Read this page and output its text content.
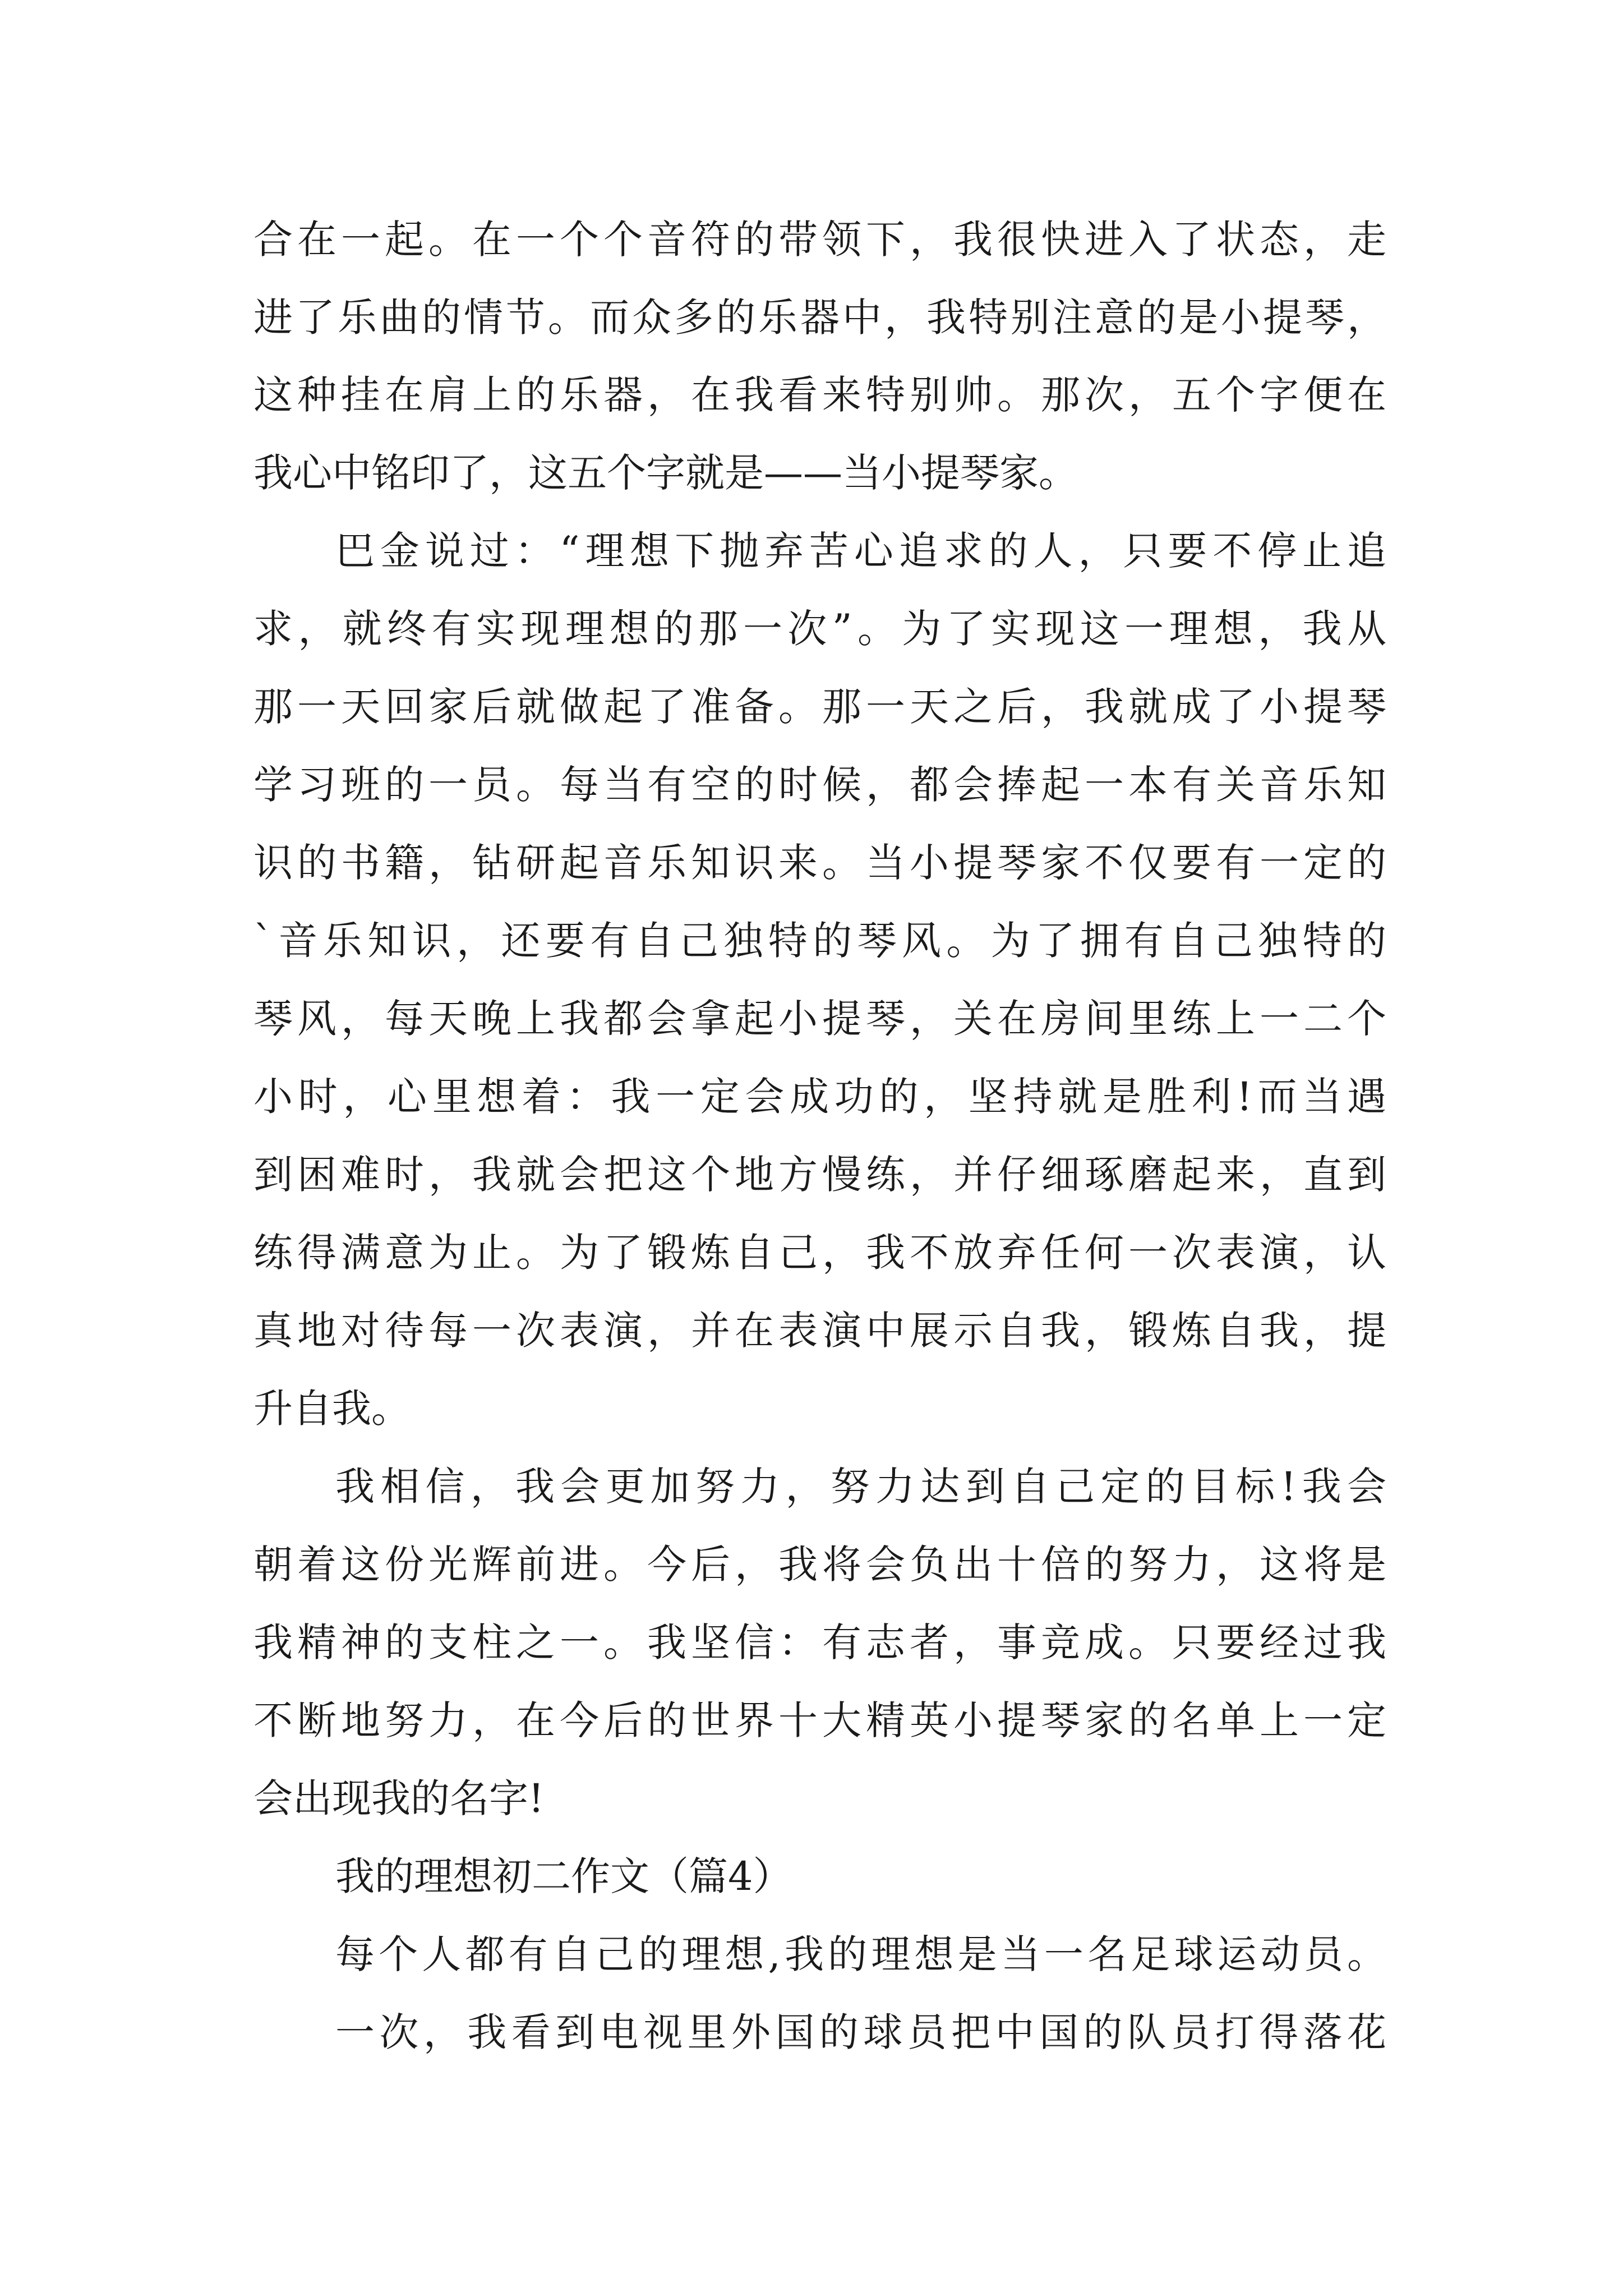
合在一起。在一个个音符的带领下，我很快进入了状态，走
进了乐曲的情节。而众多的乐器中，我特别注意的是小提琴，
这种挂在肩上的乐器，在我看来特别帅。那次，五个字便在
我心中铭印了，这五个字就是——当小提琴家。
巴金说过：“理想下抛弃苦心追求的人，只要不停止追
求，就终有实现理想的那一次”。为了实现这一理想，我从
那一天回家后就做起了准备。那一天之后，我就成了小提琴
学习班的一员。每当有空的时候，都会捧起一本有关音乐知
识的书籍，钻研起音乐知识来。当小提琴家不仅要有一定的
`音乐知识，还要有自己独特的琴风。为了拥有自己独特的
琴风，每天晚上我都会拿起小提琴，关在房间里练上一二个
小时，心里想着：我一定会成功的，坚持就是胜利!而当遇
到困难时，我就会把这个地方慢练，并仔细琢磨起来，直到
练得满意为止。为了锻炼自己，我不放弃任何一次表演，认
真地对待每一次表演，并在表演中展示自我，锻炼自我，提
升自我。
我相信，我会更加努力，努力达到自己定的目标!我会
朝着这份光辉前进。今后，我将会负出十倍的努力，这将是
我精神的支柱之一。我坚信：有志者，事竞成。只要经过我
不断地努力，在今后的世界十大精英小提琴家的名单上一定
会出现我的名字!
我的理想初二作文（篇4）
每个人都有自己的理想,我的理想是当一名足球运动员。
一次，我看到电视里外国的球员把中国的队员打得落花
